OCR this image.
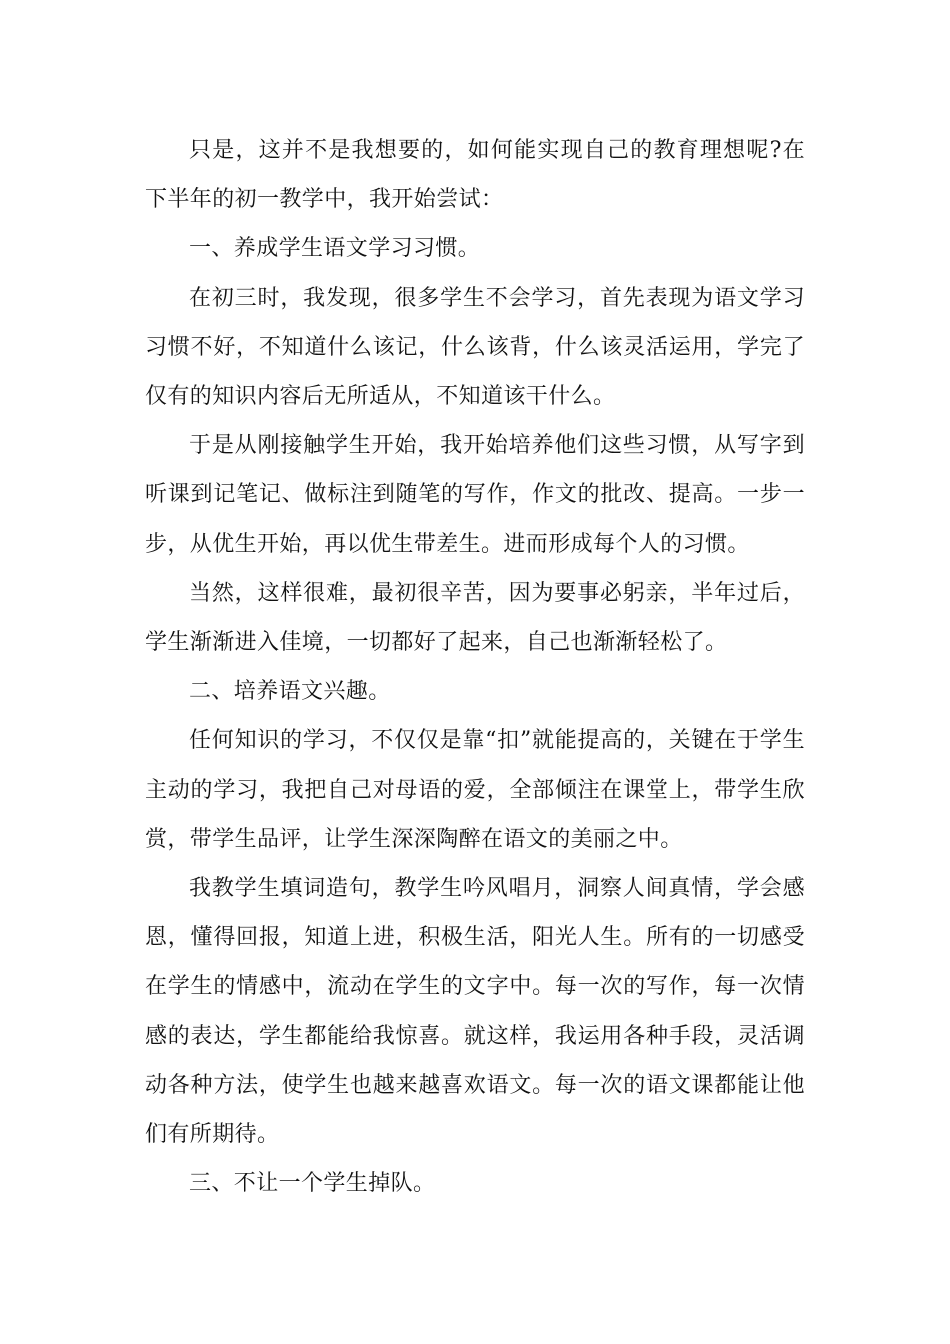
只是，这并不是我想要的，如何能实现自己的教育理想呢?在下半年的初一教学中，我开始尝试：

一、养成学生语文学习习惯。

在初三时，我发现，很多学生不会学习，首先表现为语文学习习惯不好，不知道什么该记，什么该背，什么该灵活运用，学完了仅有的知识内容后无所适从，不知道该干什么。

于是从刚接触学生开始，我开始培养他们这些习惯，从写字到听课到记笔记、做标注到随笔的写作，作文的批改、提高。一步一步，从优生开始，再以优生带差生。进而形成每个人的习惯。

当然，这样很难，最初很辛苦，因为要事必躬亲，半年过后，学生渐渐进入佳境，一切都好了起来，自己也渐渐轻松了。

二、培养语文兴趣。

任何知识的学习，不仅仅是靠“扣”就能提高的，关键在于学生主动的学习，我把自己对母语的爱，全部倾注在课堂上，带学生欣赏，带学生品评，让学生深深陶醉在语文的美丽之中。

我教学生填词造句，教学生吟风唱月，洞察人间真情，学会感恩，懂得回报，知道上进，积极生活，阳光人生。所有的一切感受在学生的情感中，流动在学生的文字中。每一次的写作，每一次情感的表达，学生都能给我惊喜。就这样，我运用各种手段，灵活调动各种方法，使学生也越来越喜欢语文。每一次的语文课都能让他们有所期待。

三、不让一个学生掉队。
